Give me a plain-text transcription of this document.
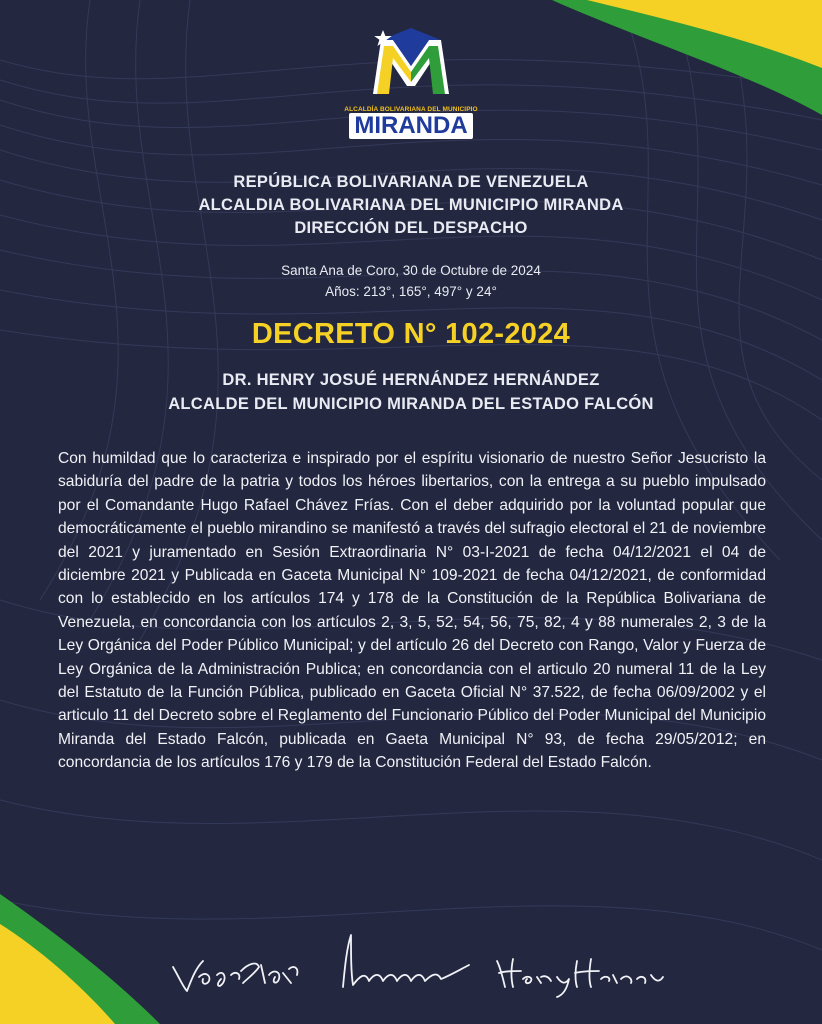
ALCALDÍA BOLIVARIANA DEL MUNICIPIO
MIRANDA
REPÚBLICA BOLIVARIANA DE VENEZUELA
ALCALDIA BOLIVARIANA DEL MUNICIPIO MIRANDA
DIRECCIÓN DEL DESPACHO
Santa Ana de Coro, 30 de Octubre de 2024
Años: 213°, 165°, 497° y 24°
DECRETO N° 102-2024
DR. HENRY JOSUÉ HERNÁNDEZ HERNÁNDEZ
ALCALDE DEL MUNICIPIO MIRANDA DEL ESTADO FALCÓN
Con humildad que lo caracteriza e inspirado por el espíritu visionario de nuestro Señor Jesucristo la sabiduría del padre de la patria y todos los héroes libertarios, con la entrega a su pueblo impulsado por el Comandante Hugo Rafael Chávez Frías. Con el deber adquirido por la voluntad popular que democráticamente el pueblo mirandino se manifestó a través del sufragio electoral el 21 de noviembre del 2021 y juramentado en Sesión Extraordinaria N° 03-I-2021 de fecha 04/12/2021 el 04 de diciembre 2021 y Publicada en Gaceta Municipal N° 109-2021 de fecha 04/12/2021, de conformidad con lo establecido en los artículos 174 y 178 de la Constitución de la República Bolivariana de Venezuela, en concordancia con los artículos 2, 3, 5, 52, 54, 56, 75, 82, 4 y 88 numerales 2, 3 de la Ley Orgánica del Poder Público Municipal; y del artículo 26 del Decreto con Rango, Valor y Fuerza de Ley Orgánica de la Administración Publica; en concordancia con el articulo 20 numeral 11 de la Ley del Estatuto de la Función Pública, publicado en Gaceta Oficial N° 37.522, de fecha 06/09/2002 y el articulo 11 del Decreto sobre el Reglamento del Funcionario Público del Poder Municipal del Municipio Miranda del Estado Falcón, publicada en Gaeta Municipal N° 93, de fecha 29/05/2012; en concordancia de los artículos 176 y 179 de la Constitución Federal del Estado Falcón.
